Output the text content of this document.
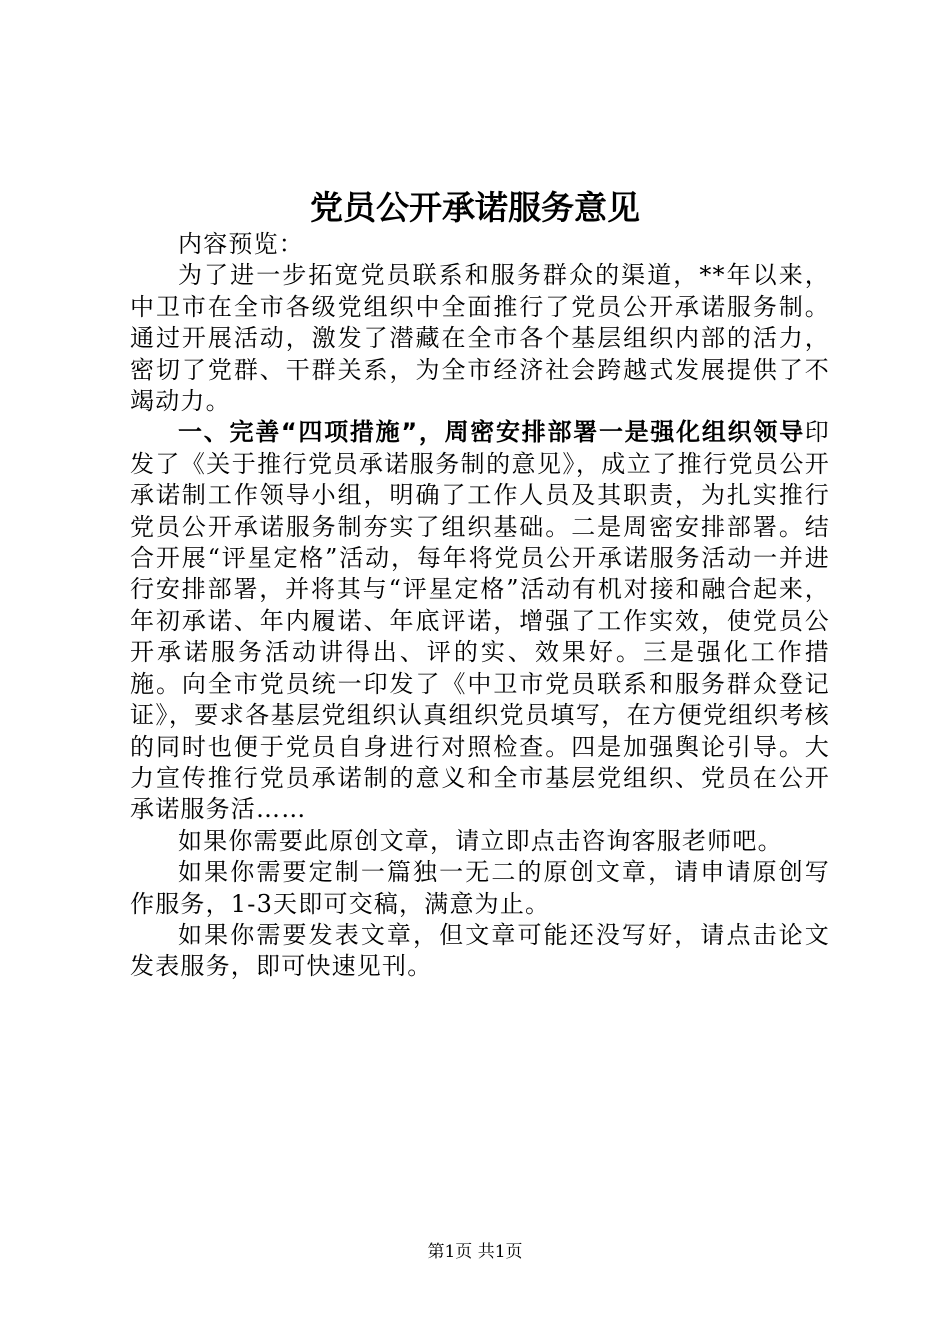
党员公开承诺服务意见

内容预览：

为了进一步拓宽党员联系和服务群众的渠道，**年以来，中卫市在全市各级党组织中全面推行了党员公开承诺服务制。通过开展活动，激发了潜藏在全市各个基层组织内部的活力，密切了党群、干群关系，为全市经济社会跨越式发展提供了不竭动力。

一、完善“四项措施”，周密安排部署一是强化组织领导印发了《关于推行党员承诺服务制的意见》，成立了推行党员公开承诺制工作领导小组，明确了工作人员及其职责，为扎实推行党员公开承诺服务制夯实了组织基础。二是周密安排部署。结合开展“评星定格”活动，每年将党员公开承诺服务活动一并进行安排部署，并将其与“评星定格”活动有机对接和融合起来，年初承诺、年内履诺、年底评诺，增强了工作实效，使党员公开承诺服务活动讲得出、评的实、效果好。三是强化工作措施。向全市党员统一印发了《中卫市党员联系和服务群众登记证》，要求各基层党组织认真组织党员填写，在方便党组织考核的同时也便于党员自身进行对照检查。四是加强舆论引导。大力宣传推行党员承诺制的意义和全市基层党组织、党员在公开承诺服务活……

如果你需要此原创文章，请立即点击咨询客服老师吧。

如果你需要定制一篇独一无二的原创文章，请申请原创写作服务，1-3天即可交稿，满意为止。

如果你需要发表文章，但文章可能还没写好，请点击论文发表服务，即可快速见刊。

第1页 共1页
